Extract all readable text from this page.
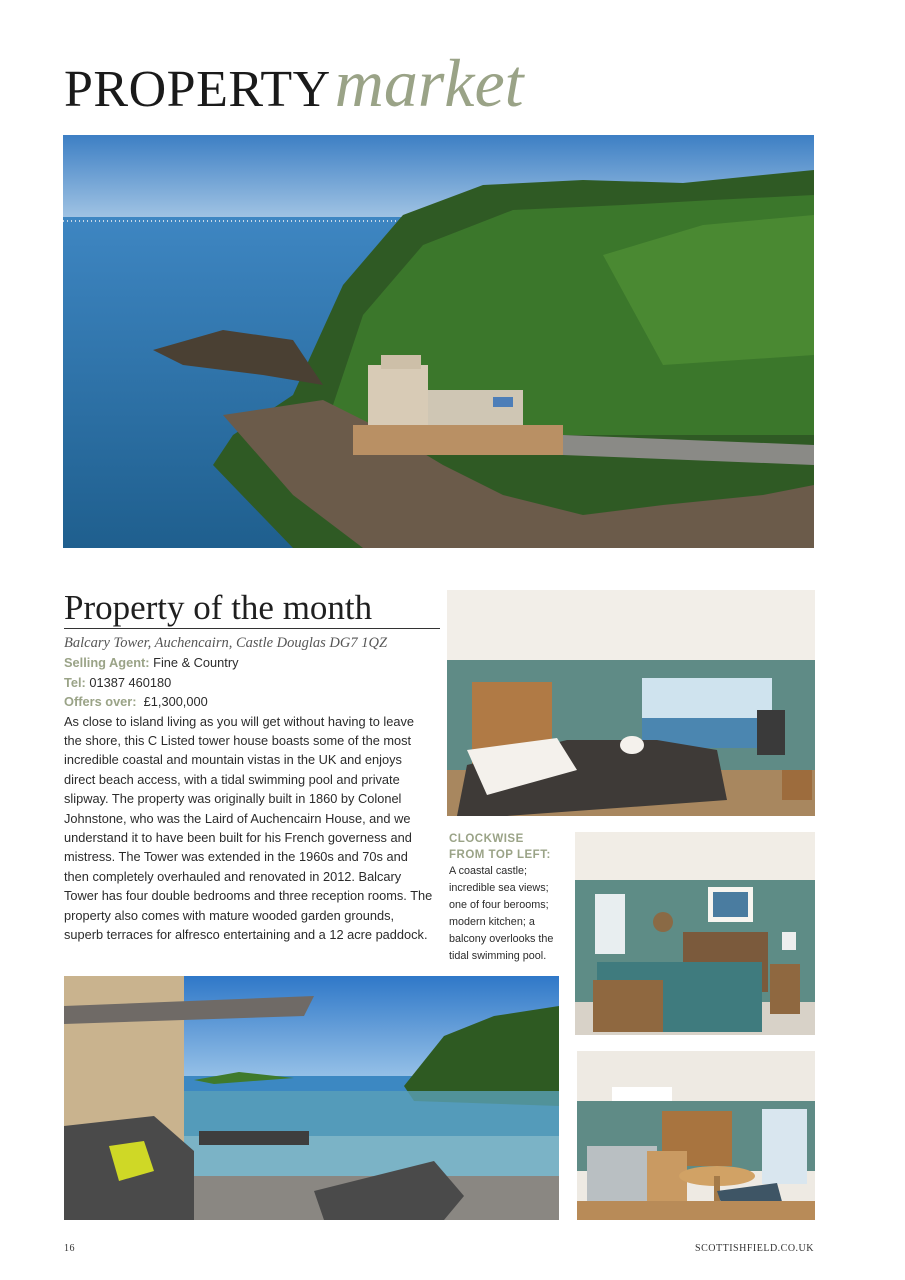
PROPERTYmarket
Property of the month
Balcary Tower, Auchencairn, Castle Douglas DG7 1QZ
Selling Agent: Fine & Country
Tel: 01387 460180
Offers over: £1,300,000
As close to island living as you will get without having to leave the shore, this C Listed tower house boasts some of the most incredible coastal and mountain vistas in the UK and enjoys direct beach access, with a tidal swimming pool and private slipway. The property was originally built in 1860 by Colonel Johnstone, who was the Laird of Auchencairn House, and we understand it to have been built for his French governess and mistress. The Tower was extended in the 1960s and 70s and then completely overhauled and renovated in 2012. Balcary Tower has four double bedrooms and three reception rooms. The property also comes with mature wooded garden grounds, superb terraces for alfresco entertaining and a 12 acre paddock.
CLOCKWISE
FROM TOP LEFT:
A coastal castle; incredible sea views; one of four berooms; modern kitchen; a balcony overlooks the tidal swimming pool.
16	SCOTTISHFIELD.CO.UK
